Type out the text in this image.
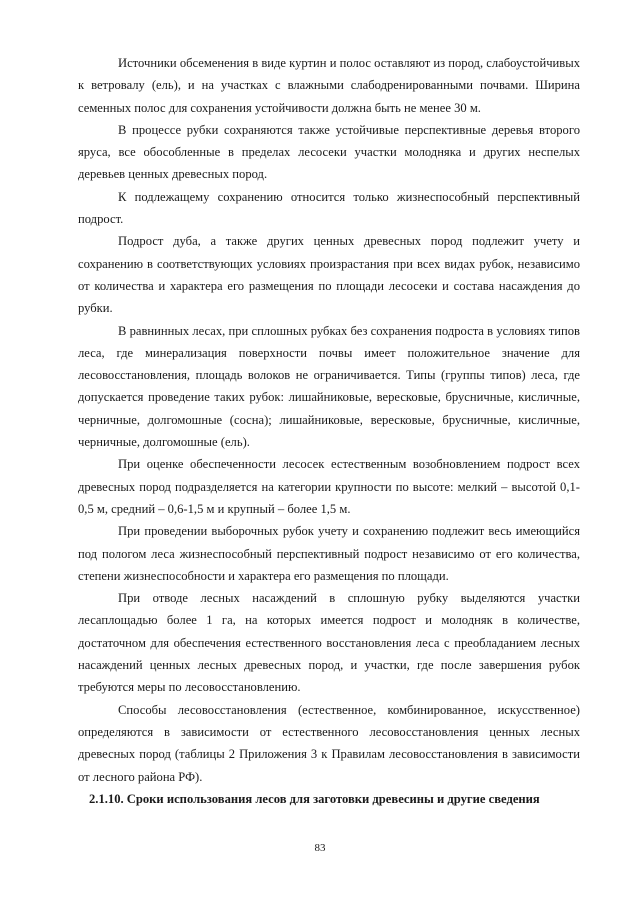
Источники обсеменения в виде куртин и полос оставляют из пород, слабоустойчивых к ветровалу (ель), и на участках с влажными слабодренированными почвами. Ширина семенных полос для сохранения устойчивости должна быть не менее 30 м.

В процессе рубки сохраняются также устойчивые перспективные деревья второго яруса, все обособленные в пределах лесосеки участки молодняка и других неспелых деревьев ценных древесных пород.

К подлежащему сохранению относится только жизнеспособный перспективный подрост.

Подрост дуба, а также других ценных древесных пород подлежит учету и сохранению в соответствующих условиях произрастания при всех видах рубок, независимо от количества и характера его размещения по площади лесосеки и состава насаждения до рубки.

В равнинных лесах, при сплошных рубках без сохранения подроста в условиях типов леса, где минерализация поверхности почвы имеет положительное значение для лесовосстановления, площадь волоков не ограничивается. Типы (группы типов) леса, где допускается проведение таких рубок: лишайниковые, вересковые, брусничные, кисличные, черничные, долгомошные (сосна); лишайниковые, вересковые, брусничные, кисличные, черничные, долгомошные (ель).

При оценке обеспеченности лесосек естественным возобновлением подрост всех древесных пород подразделяется на категории крупности по высоте: мелкий – высотой 0,1-0,5 м, средний – 0,6-1,5 м и крупный – более 1,5 м.

При проведении выборочных рубок учету и сохранению подлежит весь имеющийся под пологом леса жизнеспособный перспективный подрост независимо от его количества, степени жизнеспособности и характера его размещения по площади.

При отводе лесных насаждений в сплошную рубку выделяются участки лесаплощадью более 1 га, на которых имеется подрост и молодняк в количестве, достаточном для обеспечения естественного восстановления леса с преобладанием лесных насаждений ценных лесных древесных пород, и участки, где после завершения рубок требуются меры по лесовосстановлению.

Способы лесовосстановления (естественное, комбинированное, искусственное) определяются в зависимости от естественного лесовосстановления ценных лесных древесных пород (таблицы 2 Приложения 3 к Правилам лесовосстановления в зависимости от лесного района РФ).

2.1.10. Сроки использования лесов для заготовки древесины и другие сведения

83
